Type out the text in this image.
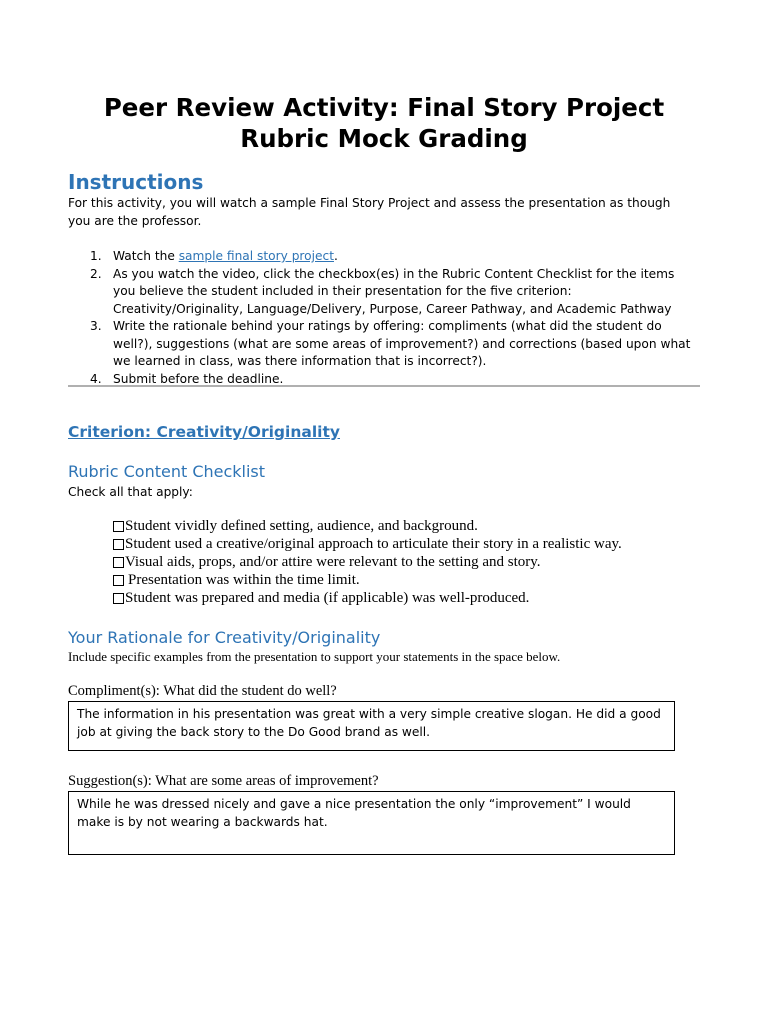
Peer Review Activity: Final Story Project
Rubric Mock Grading
Instructions

For this activity, you will watch a sample Final Story Project and assess the presentation as though you are the professor.

1. Watch the sample final story project.
2. As you watch the video, click the checkbox(es) in the Rubric Content Checklist for the items you believe the student included in their presentation for the five criterion: Creativity/Originality, Language/Delivery, Purpose, Career Pathway, and Academic Pathway
3. Write the rationale behind your ratings by offering: compliments (what did the student do well?), suggestions (what are some areas of improvement?) and corrections (based upon what we learned in class, was there information that is incorrect?).
4. Submit before the deadline.
Criterion: Creativity/Originality
Rubric Content Checklist

Check all that apply:

Student vividly defined setting, audience, and background.
Student used a creative/original approach to articulate their story in a realistic way.
Visual aids, props, and/or attire were relevant to the setting and story.
Presentation was within the time limit.
Student was prepared and media (if applicable) was well-produced.
Your Rationale for Creativity/Originality

Include specific examples from the presentation to support your statements in the space below.

Compliment(s): What did the student do well?

The information in his presentation was great with a very simple creative slogan. He did a good job at giving the back story to the Do Good brand as well.

Suggestion(s): What are some areas of improvement?

While he was dressed nicely and gave a nice presentation the only “improvement” I would make is by not wearing a backwards hat.
